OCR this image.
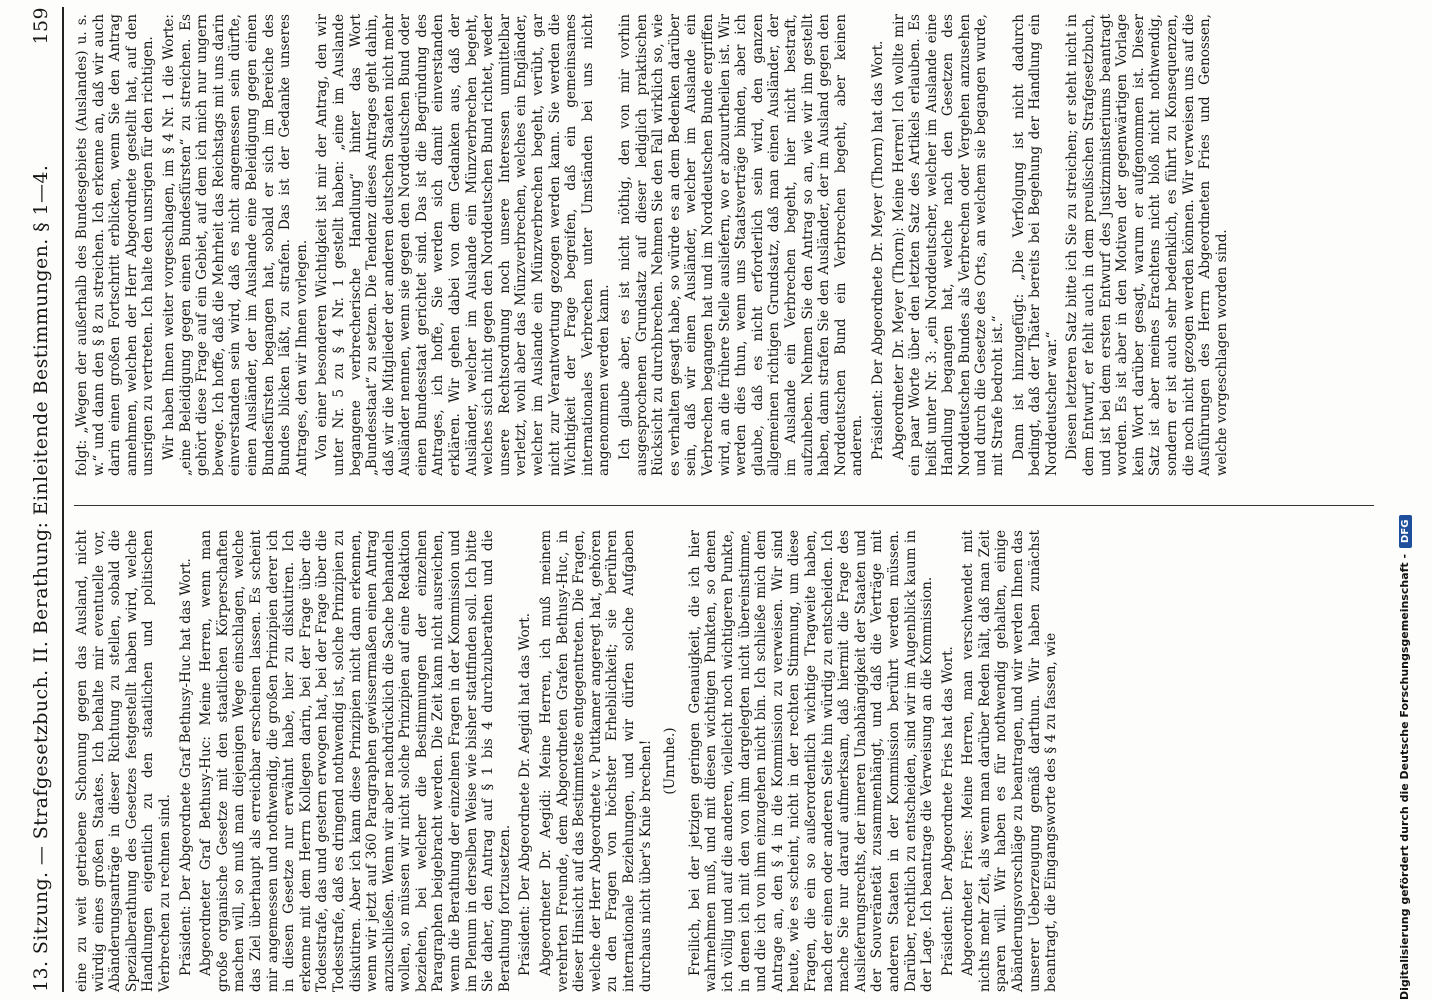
13. Sitzung. — Strafgesetzbuch. II. Berathung: Einleitende Bestimmungen. § 1—4.
159

eine zu weit getriebene Schonung gegen das Ausland, nicht würdig eines großen Staates. Ich behalte mir eventuelle vor, Abänderungsanträge in dieser Richtung zu stellen, sobald die Spezialberathung des Gesetzes festgestellt haben wird, welche Handlungen eigentlich zu den staatlichen und politischen Verbrechen zu rechnen sind. Präsident: Der Abgeordnete Graf Bethusy-Huc hat das Wort. Abgeordneter Graf Bethusy-Huc: Meine Herren, wenn man große organische Gesetze mit den staatlichen Körperschaften machen will, so muß man diejenigen Wege einschlagen, welche das Ziel überhaupt als erreichbar erscheinen lassen. Es scheint mir angemessen und nothwendig, die großen Prinzipien derer ich in diesen Gesetze nur erwähnt habe, hier zu diskutiren. Ich erkenne mit dem Herrn Kollegen darin, bei der Frage über die Todesstrafe, das und gestern erwogen hat, bei der Frage über die Todesstrafe, daß es dringend nothwendig ist, solche Prinzipien zu diskutiren. Aber ich kann diese Prinzipien nicht dann erkennen, wenn wir jetzt auf 360 Paragraphen gewissermaßen einen Antrag anzuschließen. Wenn wir aber nachdrücklich die Sache behandeln wollen, so müssen wir nicht solche Prinzipien auf eine Redaktion beziehen, bei welcher die Bestimmungen der einzelnen Paragraphen beigebracht werden. Die Zeit kann nicht ausreichen, wenn die Berathung der einzelnen Fragen in der Kommission und im Plenum in derselben Weise wie bisher stattfinden soll. Ich bitte Sie daher, den Antrag auf § 1 bis 4 durchzuberathen und die Berathung fortzusetzen. Präsident: Der Abgeordnete Dr. Aegidi hat das Wort. Abgeordneter Dr. Aegidi: Meine Herren, ich muß meinem verehrten Freunde, dem Abgeordneten Grafen Bethusy-Huc, in dieser Hinsicht auf das Bestimmteste entgegentreten. Die Fragen, welche der Herr Abgeordnete v. Puttkamer angeregt hat, gehören zu den Fragen von höchster Erheblichkeit; sie berühren internationale Beziehungen, und wir dürfen solche Aufgaben durchaus nicht über's Knie brechen! (Unruhe.) Freilich, bei der jetzigen geringen Genauigkeit, die ich hier wahrnehmen muß, und mit diesen wichtigen Punkten, so denen ich völlig und auf die anderen, vielleicht noch wichtigeren Punkte, in denen ich mit den von ihm dargelegten nicht übereinstimme, und die ich von ihm einzugehen nicht bin. Ich schließe mich dem Antrage an, den § 4 in die Kommission zu verweisen. Wir sind heute, wie es scheint, nicht in der rechten Stimmung, um diese Fragen, die ein so außerordentlich wichtige Tragweite haben, nach der einen oder anderen Seite hin würdig zu entscheiden. Ich mache Sie nur darauf aufmerksam, daß hiermit die Frage des Auslieferungsrechts, der inneren Unabhängigkeit der Staaten und der Souveränetät zusammenhängt, und daß die Verträge mit anderen Staaten in der Kommission berührt werden müssen. Darüber, rechtlich zu entscheiden, sind wir im Augenblick kaum in der Lage. Ich beantrage die Verweisung an die Kommission. Präsident: Der Abgeordnete Fries hat das Wort. Abgeordneter Fries: Meine Herren, man verschwendet mit nichts mehr Zeit, als wenn man darüber Reden hält, daß man Zeit sparen will. Wir haben es für nothwendig gehalten, einige Abänderungsvorschläge zu beantragen, und wir werden Ihnen das unserer Ueberzeugung gemäß darthun. Wir haben zunächst beantragt, die Eingangsworte des § 4 zu fassen, wie

folgt: „Wegen der außerhalb des Bundesgebiets (Auslandes) u. s. w.“ und dann den § 8 zu streichen. Ich erkenne an, daß wir auch darin einen großen Fortschritt erblicken, wenn Sie den Antrag annehmen, welchen der Herr Abgeordnete gestellt hat, auf den unsrigen zu vertreten. Ich halte den unsrigen für den richtigen. Wir haben Ihnen weiter vorgeschlagen, im § 4 Nr. 1 die Worte: „eine Beleidigung gegen einen Bundesfürsten“ zu streichen. Es gehört diese Frage auf ein Gebiet, auf dem ich mich nur ungern bewege. Ich hoffe, daß die Mehrheit das Reichstags mit uns darin einverstanden sein wird, daß es nicht angemessen sein dürfte, einen Ausländer, der im Auslande eine Beleidigung gegen einen Bundesfürsten begangen hat, sobald er sich im Bereiche des Bundes blicken läßt, zu strafen. Das ist der Gedanke unseres Antrages, den wir Ihnen vorlegen. Von einer besonderen Wichtigkeit ist mir der Antrag, den wir unter Nr. 5 zu § 4 Nr. 1 gestellt haben: „eine im Auslande begangene verbrecherische Handlung“ hinter das Wort „Bundesstaat“ zu setzen. Die Tendenz dieses Antrages geht dahin, daß wir die Mitglieder der anderen deutschen Staaten nicht mehr Ausländer nennen, wenn sie gegen den Norddeutschen Bund oder einen Bundesstaat gerichtet sind. Das ist die Begründung des Antrages, ich hoffe, Sie werden sich damit einverstanden erklären. Wir gehen dabei von dem Gedanken aus, daß der Ausländer, welcher im Auslande ein Münzverbrechen begeht, welches sich nicht gegen den Norddeutschen Bund richtet, weder unsere Rechtsordnung noch unsere Interessen unmittelbar verletzt, wohl aber das Münzverbrechen, welches ein Engländer, welcher im Auslande ein Münzverbrechen begeht, verübt, gar nicht zur Verantwortung gezogen werden kann. Sie werden die Wichtigkeit der Frage begreifen, daß ein gemeinsames internationales Verbrechen unter Umständen bei uns nicht angenommen werden kann. Ich glaube aber, es ist nicht nöthig, den von mir vorhin ausgesprochenen Grundsatz auf dieser lediglich praktischen Rücksicht zu durchbrechen. Nehmen Sie den Fall wirklich so, wie es verhalten gesagt habe, so würde es an dem Bedenken darüber sein, daß wir einen Ausländer, welcher im Auslande ein Verbrechen begangen hat und im Norddeutschen Bunde ergriffen wird, an die frühere Stelle ausliefern, wo er abzuurtheilen ist. Wir werden dies thun, wenn uns Staatsverträge binden, aber ich glaube, daß es nicht erforderlich sein wird, den ganzen allgemeinen richtigen Grundsatz, daß man einen Ausländer, der im Auslande ein Verbrechen begeht, hier nicht bestraft, aufzuheben. Nehmen Sie den Antrag so an, wie wir ihn gestellt haben, dann strafen Sie den Ausländer, der im Ausland gegen den Norddeutschen Bund ein Verbrechen begeht, aber keinen anderen. Präsident: Der Abgeordnete Dr. Meyer (Thorn) hat das Wort. Abgeordneter Dr. Meyer (Thorn): Meine Herren! Ich wollte mir ein paar Worte über den letzten Satz des Artikels erlauben. Es heißt unter Nr. 3: „ein Norddeutscher, welcher im Auslande eine Handlung begangen hat, welche nach den Gesetzen des Norddeutschen Bundes als Verbrechen oder Vergehen anzusehen und durch die Gesetze des Orts, an welchem sie begangen wurde, mit Strafe bedroht ist.“ Dann ist hinzugefügt: „Die Verfolgung ist nicht dadurch bedingt, daß der Thäter bereits bei Begehung der Handlung ein Norddeutscher war.“ Diesen letzteren Satz bitte ich Sie zu streichen; er steht nicht in dem Entwurf, er fehlt auch in dem preußischen Strafgesetzbuch, und ist bei dem ersten Entwurf des Justizministeriums beantragt worden. Es ist aber in den Motiven der gegenwärtigen Vorlage kein Wort darüber gesagt, warum er aufgenommen ist. Dieser Satz ist aber meines Erachtens nicht bloß nicht nothwendig, sondern er ist auch sehr bedenklich, es führt zu Konsequenzen, die noch nicht gezogen werden können. Wir verweisen uns auf die Ausführungen des Herrn Abgeordneten Fries und Genossen, welche vorgeschlagen worden sind.

Digitalisierung gefördert durch die Deutsche Forschungsgemeinschaft -DFG
